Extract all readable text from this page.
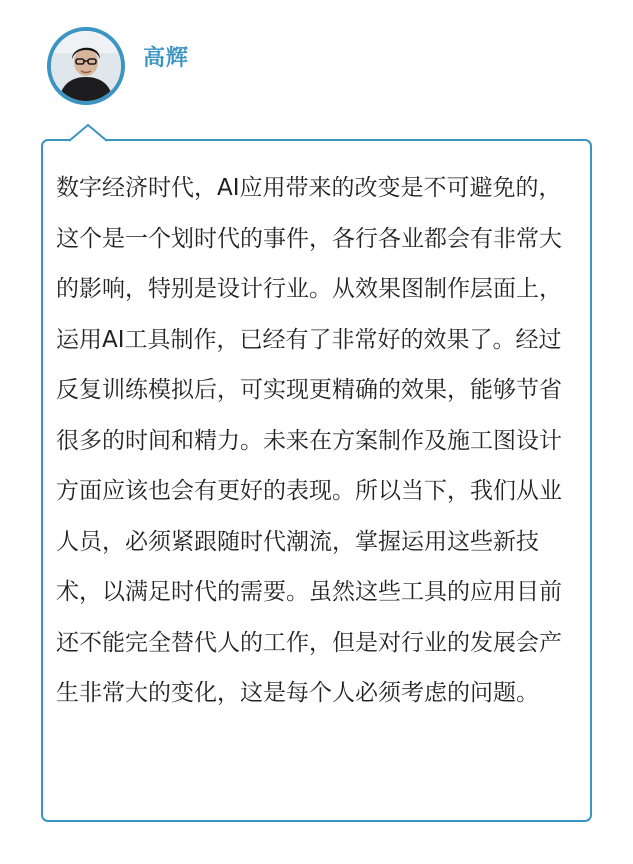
高辉

数字经济时代，AI应用带来的改变是不可避免的，这个是一个划时代的事件，各行各业都会有非常大的影响，特别是设计行业。从效果图制作层面上，运用AI工具制作，已经有了非常好的效果了。经过反复训练模拟后，可实现更精确的效果，能够节省很多的时间和精力。未来在方案制作及施工图设计方面应该也会有更好的表现。所以当下，我们从业人员，必须紧跟随时代潮流，掌握运用这些新技术，以满足时代的需要。虽然这些工具的应用目前还不能完全替代人的工作，但是对行业的发展会产生非常大的变化，这是每个人必须考虑的问题。
